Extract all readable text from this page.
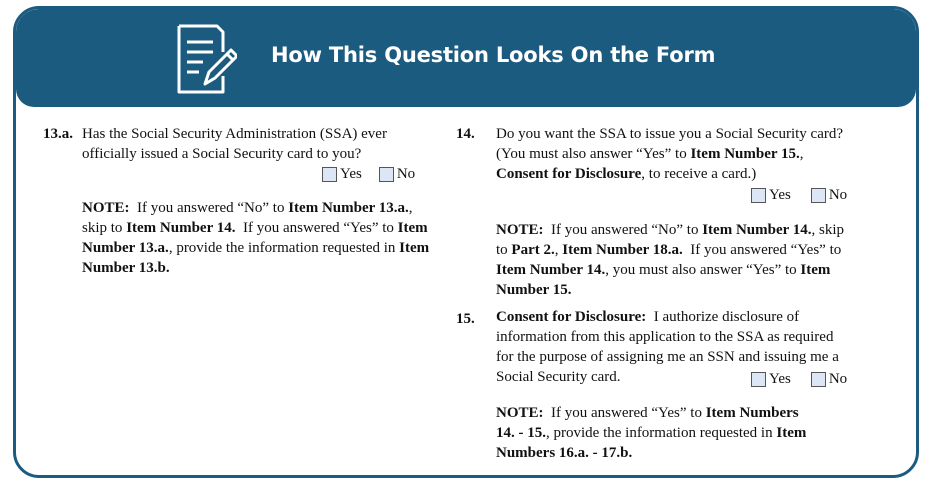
How This Question Looks On the Form
13.a. Has the Social Security Administration (SSA) ever

officially issued a Social Security card to you?

Yes No

NOTE:  If you answered “No” to Item Number 13.a.,

skip to Item Number 14.  If you answered “Yes” to Item

Number 13.a., provide the information requested in Item

Number 13.b.

14. Do you want the SSA to issue you a Social Security card?

(You must also answer “Yes” to Item Number 15.,

Consent for Disclosure, to receive a card.)

Yes	No

NOTE:  If you answered “No” to Item Number 14., skip

to Part 2., Item Number 18.a.  If you answered “Yes” to

Item Number 14., you must also answer “Yes” to Item

Number 15.

15. Consent for Disclosure:  I authorize disclosure of

information from this application to the SSA as required

for the purpose of assigning me an SSN and issuing me a

Social Security card.	Yes	No

NOTE:  If you answered “Yes” to Item Numbers

14. - 15., provide the information requested in Item

Numbers 16.a. - 17.b.
